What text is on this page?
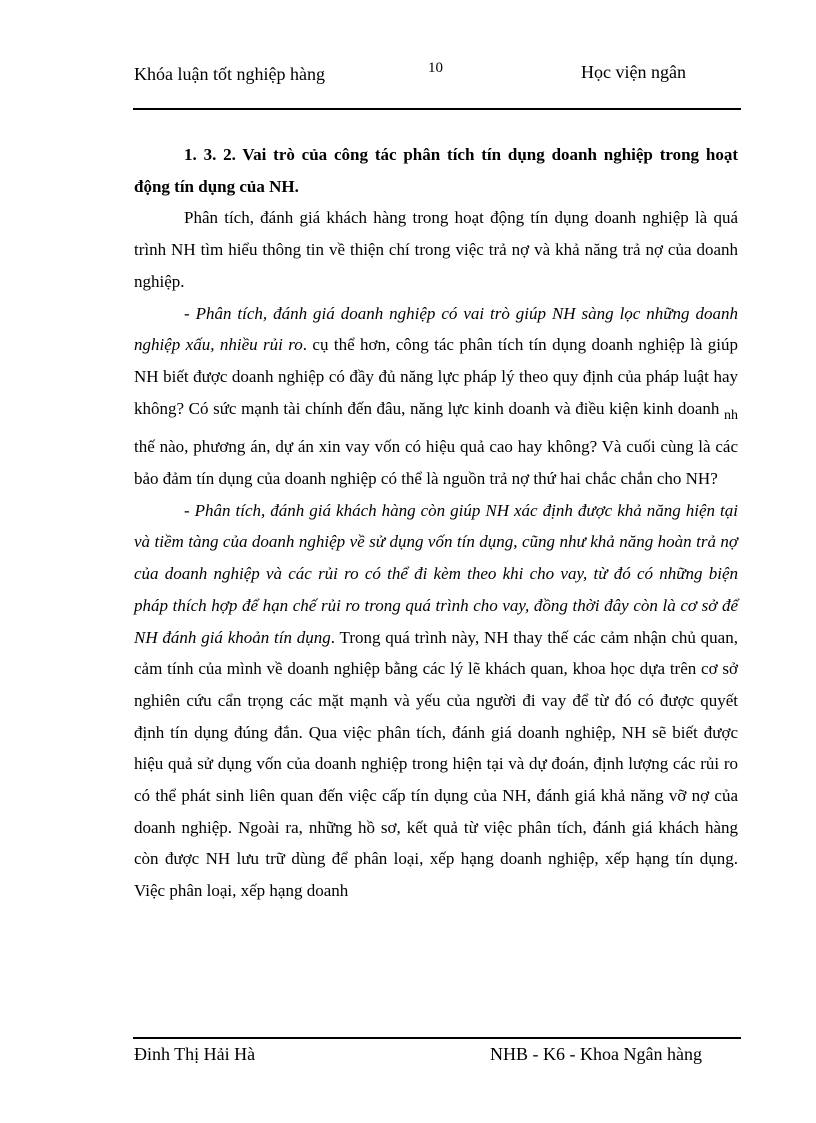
Khóa luận tốt nghiệp hàng	10	Học viện ngân

1. 3. 2. Vai trò của công tác phân tích tín dụng doanh nghiệp trong hoạt động tín dụng của NH.

Phân tích, đánh giá khách hàng trong hoạt động tín dụng doanh nghiệp là quá trình NH tìm hiểu thông tin về thiện chí trong việc trả nợ và khả năng trả nợ của doanh nghiệp.

- Phân tích, đánh giá doanh nghiệp có vai trò giúp NH sàng lọc những doanh nghiệp xấu, nhiều rủi ro. cụ thể hơn, công tác phân tích tín dụng doanh nghiệp là giúp NH biết được doanh nghiệp có đầy đủ năng lực pháp lý theo quy định của pháp luật hay không? Có sức mạnh tài chính đến đâu, năng lực kinh doanh và điều kiện kinh doanh $_{nh}$ thế nào, phương án, dự án xin vay vốn có hiệu quả cao hay không? Và cuối cùng là các bảo đảm tín dụng của doanh nghiệp có thể là nguồn trả nợ thứ hai chắc chắn cho NH?

- Phân tích, đánh giá khách hàng còn giúp NH xác định được khả năng hiện tại và tiềm tàng của doanh nghiệp về sử dụng vốn tín dụng, cũng như khả năng hoàn trả nợ của doanh nghiệp và các rủi ro có thể đi kèm theo khi cho vay, từ đó có những biện pháp thích hợp để hạn chế rủi ro trong quá trình cho vay, đồng thời đây còn là cơ sở để NH đánh giá khoản tín dụng. Trong quá trình này, NH thay thế các cảm nhận chủ quan, cảm tính của mình về doanh nghiệp bằng các lý lẽ khách quan, khoa học dựa trên cơ sở nghiên cứu cẩn trọng các mặt mạnh và yếu của người đi vay để từ đó có được quyết định tín dụng đúng đắn. Qua việc phân tích, đánh giá doanh nghiệp, NH sẽ biết được hiệu quả sử dụng vốn của doanh nghiệp trong hiện tại và dự đoán, định lượng các rủi ro có thể phát sinh liên quan đến việc cấp tín dụng của NH, đánh giá khả năng vỡ nợ của doanh nghiệp. Ngoài ra, những hồ sơ, kết quả từ việc phân tích, đánh giá khách hàng còn được NH lưu trữ dùng để phân loại, xếp hạng doanh nghiệp, xếp hạng tín dụng. Việc phân loại, xếp hạng doanh

Đinh Thị Hải Hà	NHB - K6 - Khoa Ngân hàng
